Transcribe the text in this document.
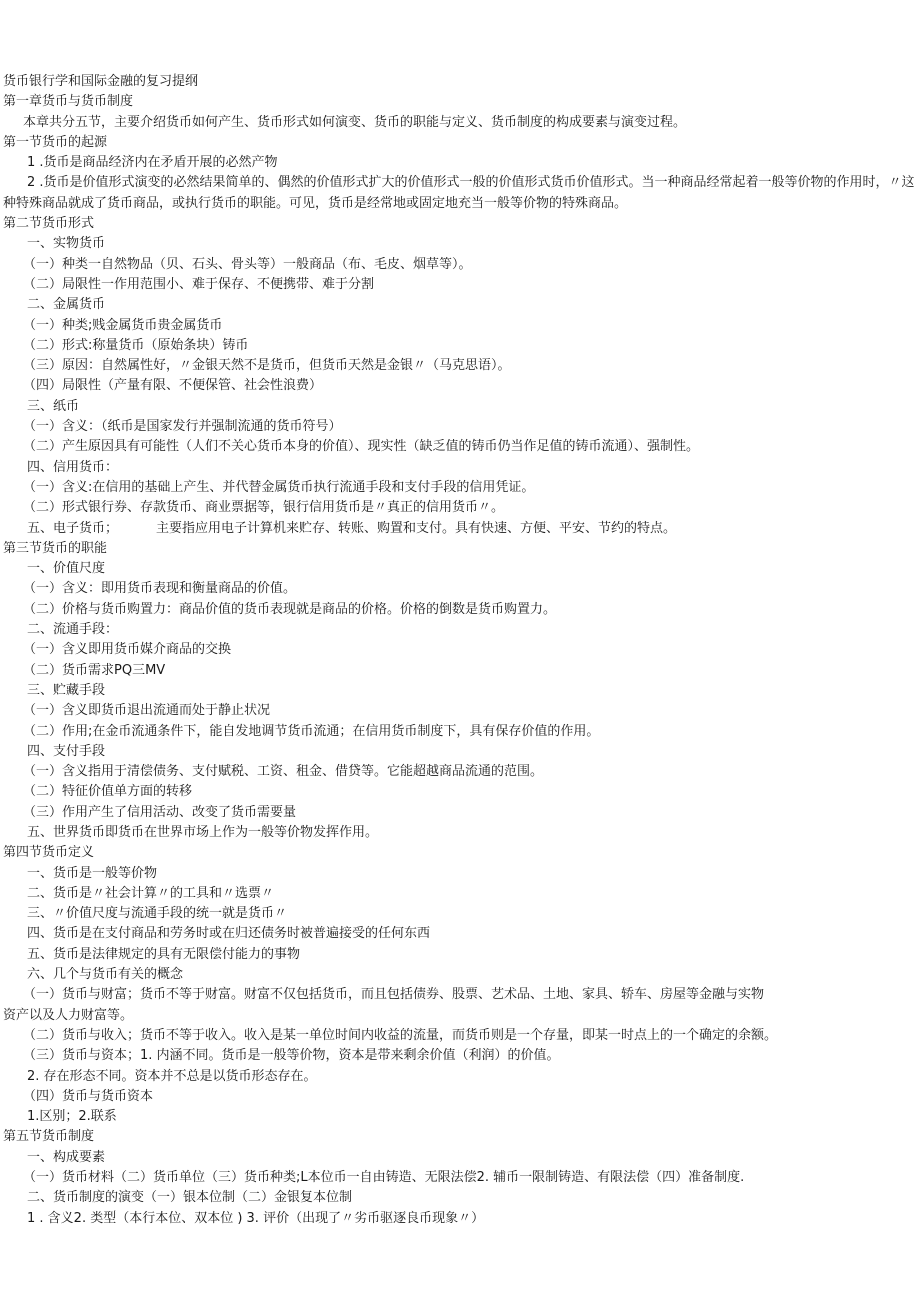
货币银行学和国际金融的复习提纲
第一章货币与货币制度
本章共分五节，主要介绍货币如何产生、货币形式如何演变、货币的职能与定义、货币制度的构成要素与演变过程。
第一节货币的起源
1 .货币是商品经济内在矛盾开展的必然产物
2 .货币是价值形式演变的必然结果简单的、偶然的价值形式扩大的价值形式一般的价值形式货币价值形式。当一种商品经常起着一般等价物的作用时，〃这种特殊商品就成了货币商品，或执行货币的职能。可见，货币是经常地或固定地充当一般等价物的特殊商品。
第二节货币形式
一、实物货币
（一）种类一自然物品（贝、石头、骨头等）一般商品（布、毛皮、烟草等）。
（二）局限性一作用范围小、难于保存、不便携带、难于分割
二、金属货币
（一）种类;贱金属货币贵金属货币
（二）形式:称量货币（原始条块）铸币
（三）原因：自然属性好，〃金银天然不是货币，但货币天然是金银〃（马克思语）。
（四）局限性（产量有限、不便保管、社会性浪费）
三、纸币
（一）含义：（纸币是国家发行并强制流通的货币符号）
（二）产生原因具有可能性（人们不关心货币本身的价值）、现实性（缺乏值的铸币仍当作足值的铸币流通）、强制性。
四、信用货币：
（一）含义:在信用的基础上产生、并代替金属货币执行流通手段和支付手段的信用凭证。
（二）形式银行券、存款货币、商业票据等，银行信用货币是〃真正的信用货币〃。
五、电子货币；	主要指应用电子计算机来贮存、转账、购置和支付。具有快速、方便、平安、节约的特点。
第三节货币的职能
一、价值尺度
（一）含义：即用货币表现和衡量商品的价值。
（二）价格与货币购置力：商品价值的货币表现就是商品的价格。价格的倒数是货币购置力。
二、流通手段：
（一）含义即用货币媒介商品的交换
（二）货币需求PQ三MV
三、贮藏手段
（一）含义即货币退出流通而处于静止状况
（二）作用;在金币流通条件下，能自发地调节货币流通；在信用货币制度下，具有保存价值的作用。
四、支付手段
（一）含义指用于清偿债务、支付赋税、工资、租金、借贷等。它能超越商品流通的范围。
（二）特征价值单方面的转移
（三）作用产生了信用活动、改变了货币需要量
五、世界货币即货币在世界市场上作为一般等价物发挥作用。
第四节货币定义
一、货币是一般等价物
二、货币是〃社会计算〃的工具和〃选票〃
三、〃价值尺度与流通手段的统一就是货币〃
四、货币是在支付商品和劳务时或在归还债务时被普遍接受的任何东西
五、货币是法律规定的具有无限偿付能力的事物
六、几个与货币有关的概念
（一）货币与财富；货币不等于财富。财富不仅包括货币，而且包括债券、股票、艺术品、土地、家具、轿车、房屋等金融与实物
资产以及人力财富等。
（二）货币与收入；货币不等于收入。收入是某一单位时间内收益的流量，而货币则是一个存量，即某一时点上的一个确定的余额。
（三）货币与资本；1. 内涵不同。货币是一般等价物，资本是带来剩余价值（利润）的价值。
2. 存在形态不同。资本并不总是以货币形态存在。
（四）货币与货币资本
1.区别；2.联系
第五节货币制度
一、构成要素
（一）货币材料（二）货币单位（三）货币种类;L本位币一自由铸造、无限法偿2. 辅币一限制铸造、有限法偿（四）准备制度.
二、货币制度的演变（一）银本位制（二）金银复本位制
1 . 含义2. 类型（本行本位、双本位 ) 3. 评价（出现了〃劣币驱逐良币现象〃）
